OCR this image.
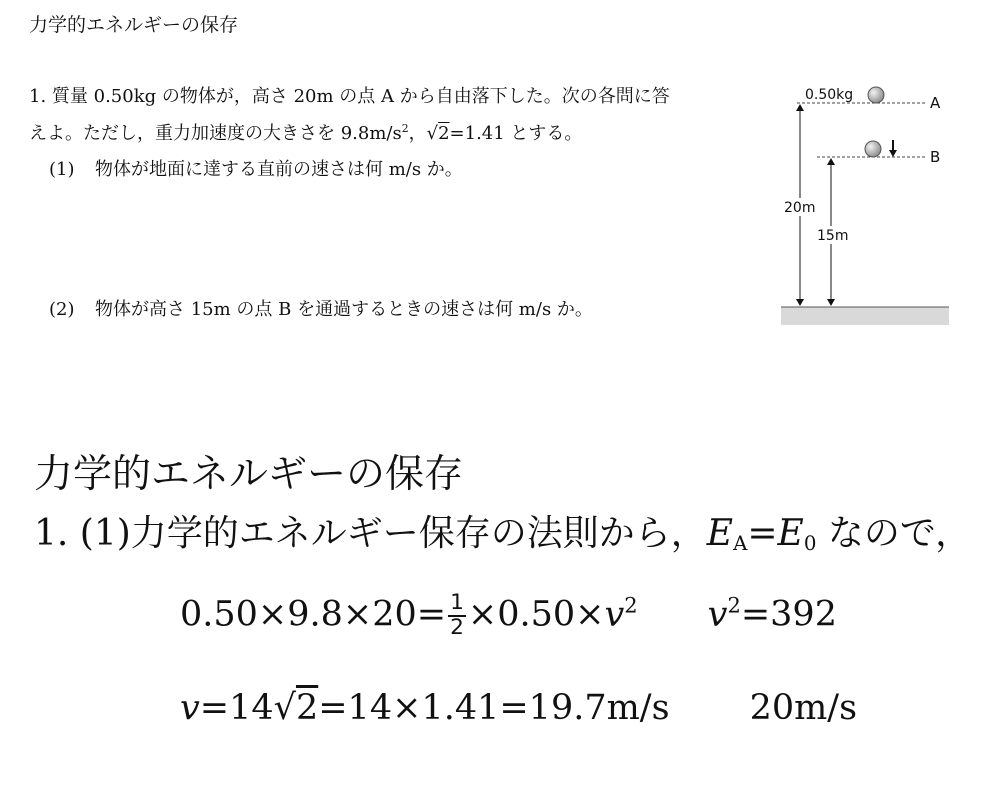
力学的エネルギーの保存
1. 質量 0.50kg の物体が，高さ 20m の点 A から自由落下した。次の各問に答
えよ。ただし，重力加速度の大きさを $9.8m/s^2$，√2=1.41 とする。
(1) 物体が地面に達する直前の速さは何 m/s か。
(2) 物体が高さ 15m の点 B を通過するときの速さは何 m/s か。
0.50kg	A
B
20m
15m
力学的エネルギーの保存
1. (1)力学的エネルギー保存の法則から，$E_A=E_0$ なので，
$0.50\times 9.8\times 20= \frac{1}{2} \times 0.50\times v^2$ $v^2=392$
v=14√2=14×1.41=19.7m/s 20m/s
